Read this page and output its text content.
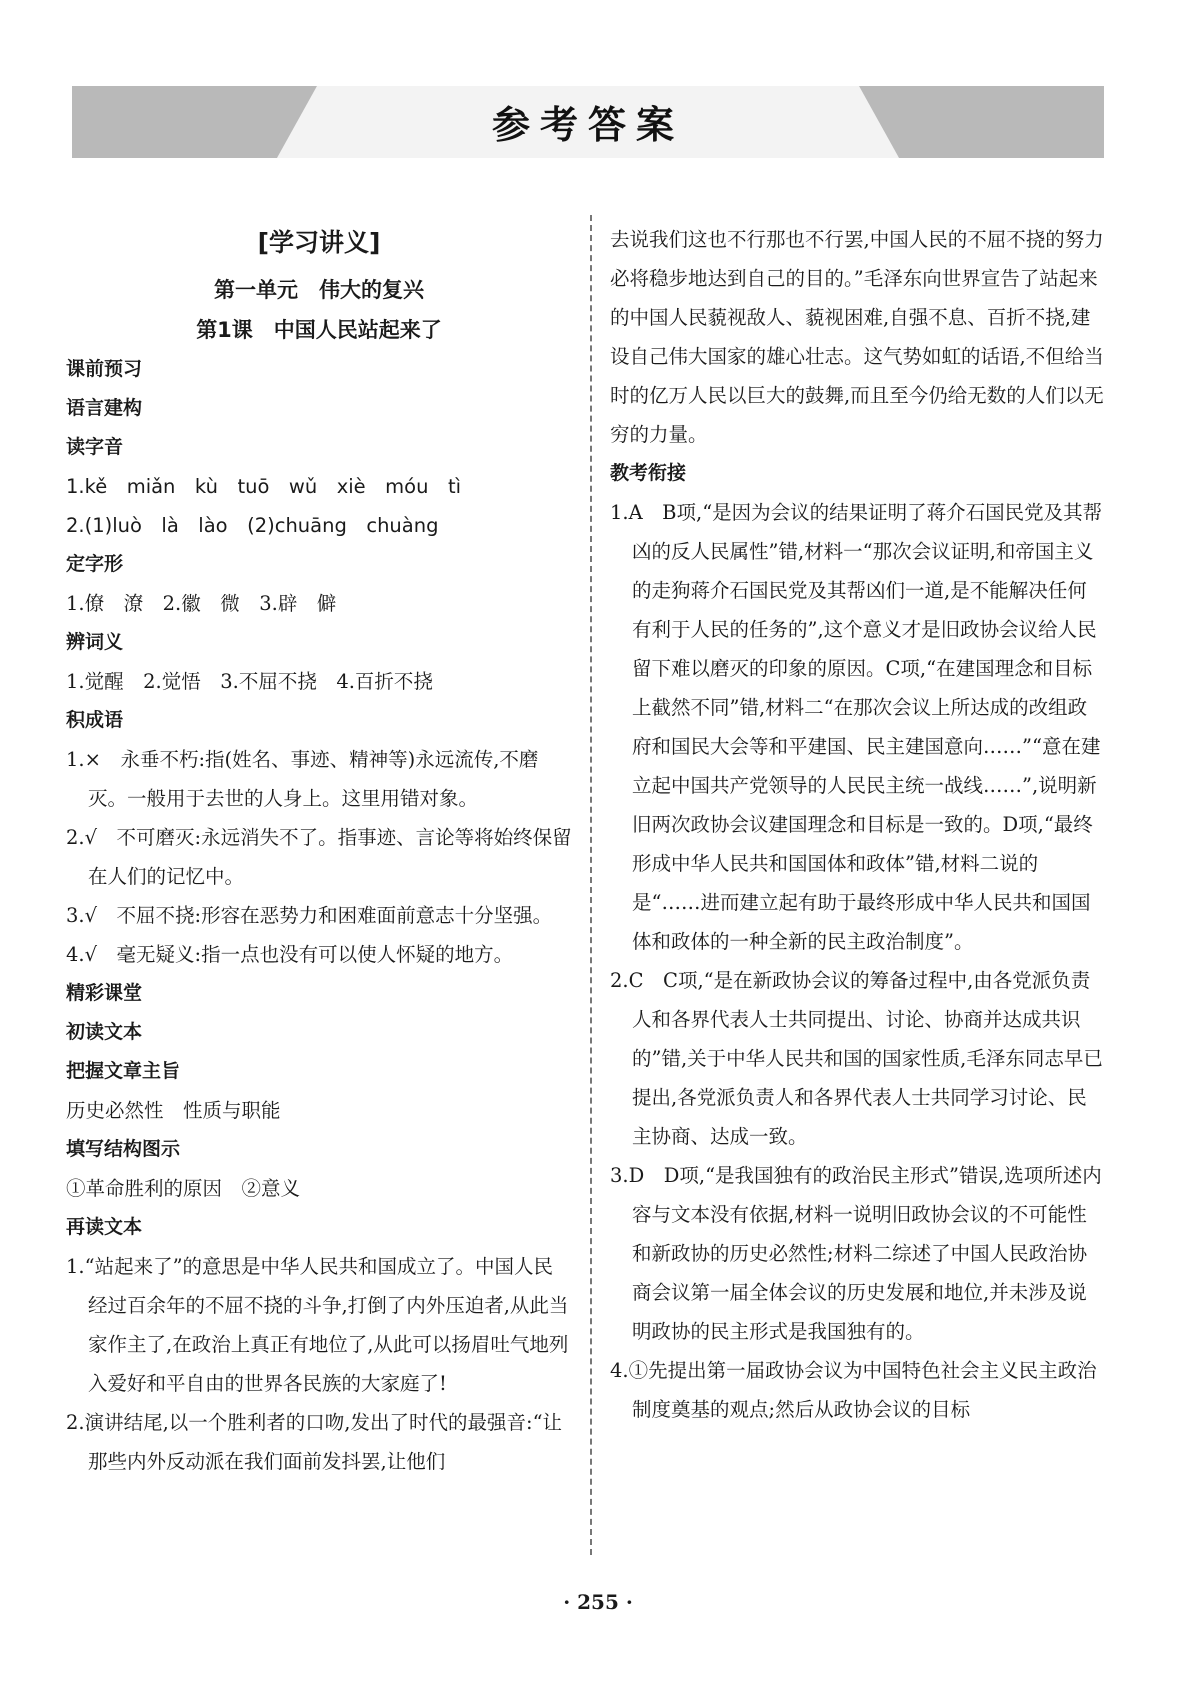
参考答案
[学习讲义]
第一单元　伟大的复兴
第1课　中国人民站起来了
课前预习
语言建构
读字音
1.kě　miǎn　kù　tuō　wǔ　xiè　móu　tì
2.(1)luò　là　lào　(2)chuāng　chuàng
定字形
1.僚　潦　2.徽　微　3.辟　僻
辨词义
1.觉醒　2.觉悟　3.不屈不挠　4.百折不挠
积成语
1.×　永垂不朽:指(姓名、事迹、精神等)永远流传,不磨灭。一般用于去世的人身上。这里用错对象。
2.√　不可磨灭:永远消失不了。指事迹、言论等将始终保留在人们的记忆中。
3.√　不屈不挠:形容在恶势力和困难面前意志十分坚强。
4.√　毫无疑义:指一点也没有可以使人怀疑的地方。
精彩课堂
初读文本
把握文章主旨
历史必然性　性质与职能
填写结构图示
①革命胜利的原因　②意义
再读文本
1.“站起来了”的意思是中华人民共和国成立了。中国人民经过百余年的不屈不挠的斗争,打倒了内外压迫者,从此当家作主了,在政治上真正有地位了,从此可以扬眉吐气地列入爱好和平自由的世界各民族的大家庭了!
2.演讲结尾,以一个胜利者的口吻,发出了时代的最强音:“让那些内外反动派在我们面前发抖罢,让他们
去说我们这也不行那也不行罢,中国人民的不屈不挠的努力必将稳步地达到自己的目的。”毛泽东向世界宣告了站起来的中国人民藐视敌人、藐视困难,自强不息、百折不挠,建设自己伟大国家的雄心壮志。这气势如虹的话语,不但给当时的亿万人民以巨大的鼓舞,而且至今仍给无数的人们以无穷的力量。
教考衔接
1.A　B项,“是因为会议的结果证明了蒋介石国民党及其帮凶的反人民属性”错,材料一“那次会议证明,和帝国主义的走狗蒋介石国民党及其帮凶们一道,是不能解决任何有利于人民的任务的”,这个意义才是旧政协会议给人民留下难以磨灭的印象的原因。C项,“在建国理念和目标上截然不同”错,材料二“在那次会议上所达成的改组政府和国民大会等和平建国、民主建国意向……”“意在建立起中国共产党领导的人民民主统一战线……”,说明新旧两次政协会议建国理念和目标是一致的。D项,“最终形成中华人民共和国国体和政体”错,材料二说的是“……进而建立起有助于最终形成中华人民共和国国体和政体的一种全新的民主政治制度”。
2.C　C项,“是在新政协会议的筹备过程中,由各党派负责人和各界代表人士共同提出、讨论、协商并达成共识的”错,关于中华人民共和国的国家性质,毛泽东同志早已提出,各党派负责人和各界代表人士共同学习讨论、民主协商、达成一致。
3.D　D项,“是我国独有的政治民主形式”错误,选项所述内容与文本没有依据,材料一说明旧政协会议的不可能性和新政协的历史必然性;材料二综述了中国人民政治协商会议第一届全体会议的历史发展和地位,并未涉及说明政协的民主形式是我国独有的。
4.①先提出第一届政协会议为中国特色社会主义民主政治制度奠基的观点;然后从政协会议的目标
· 255 ·
